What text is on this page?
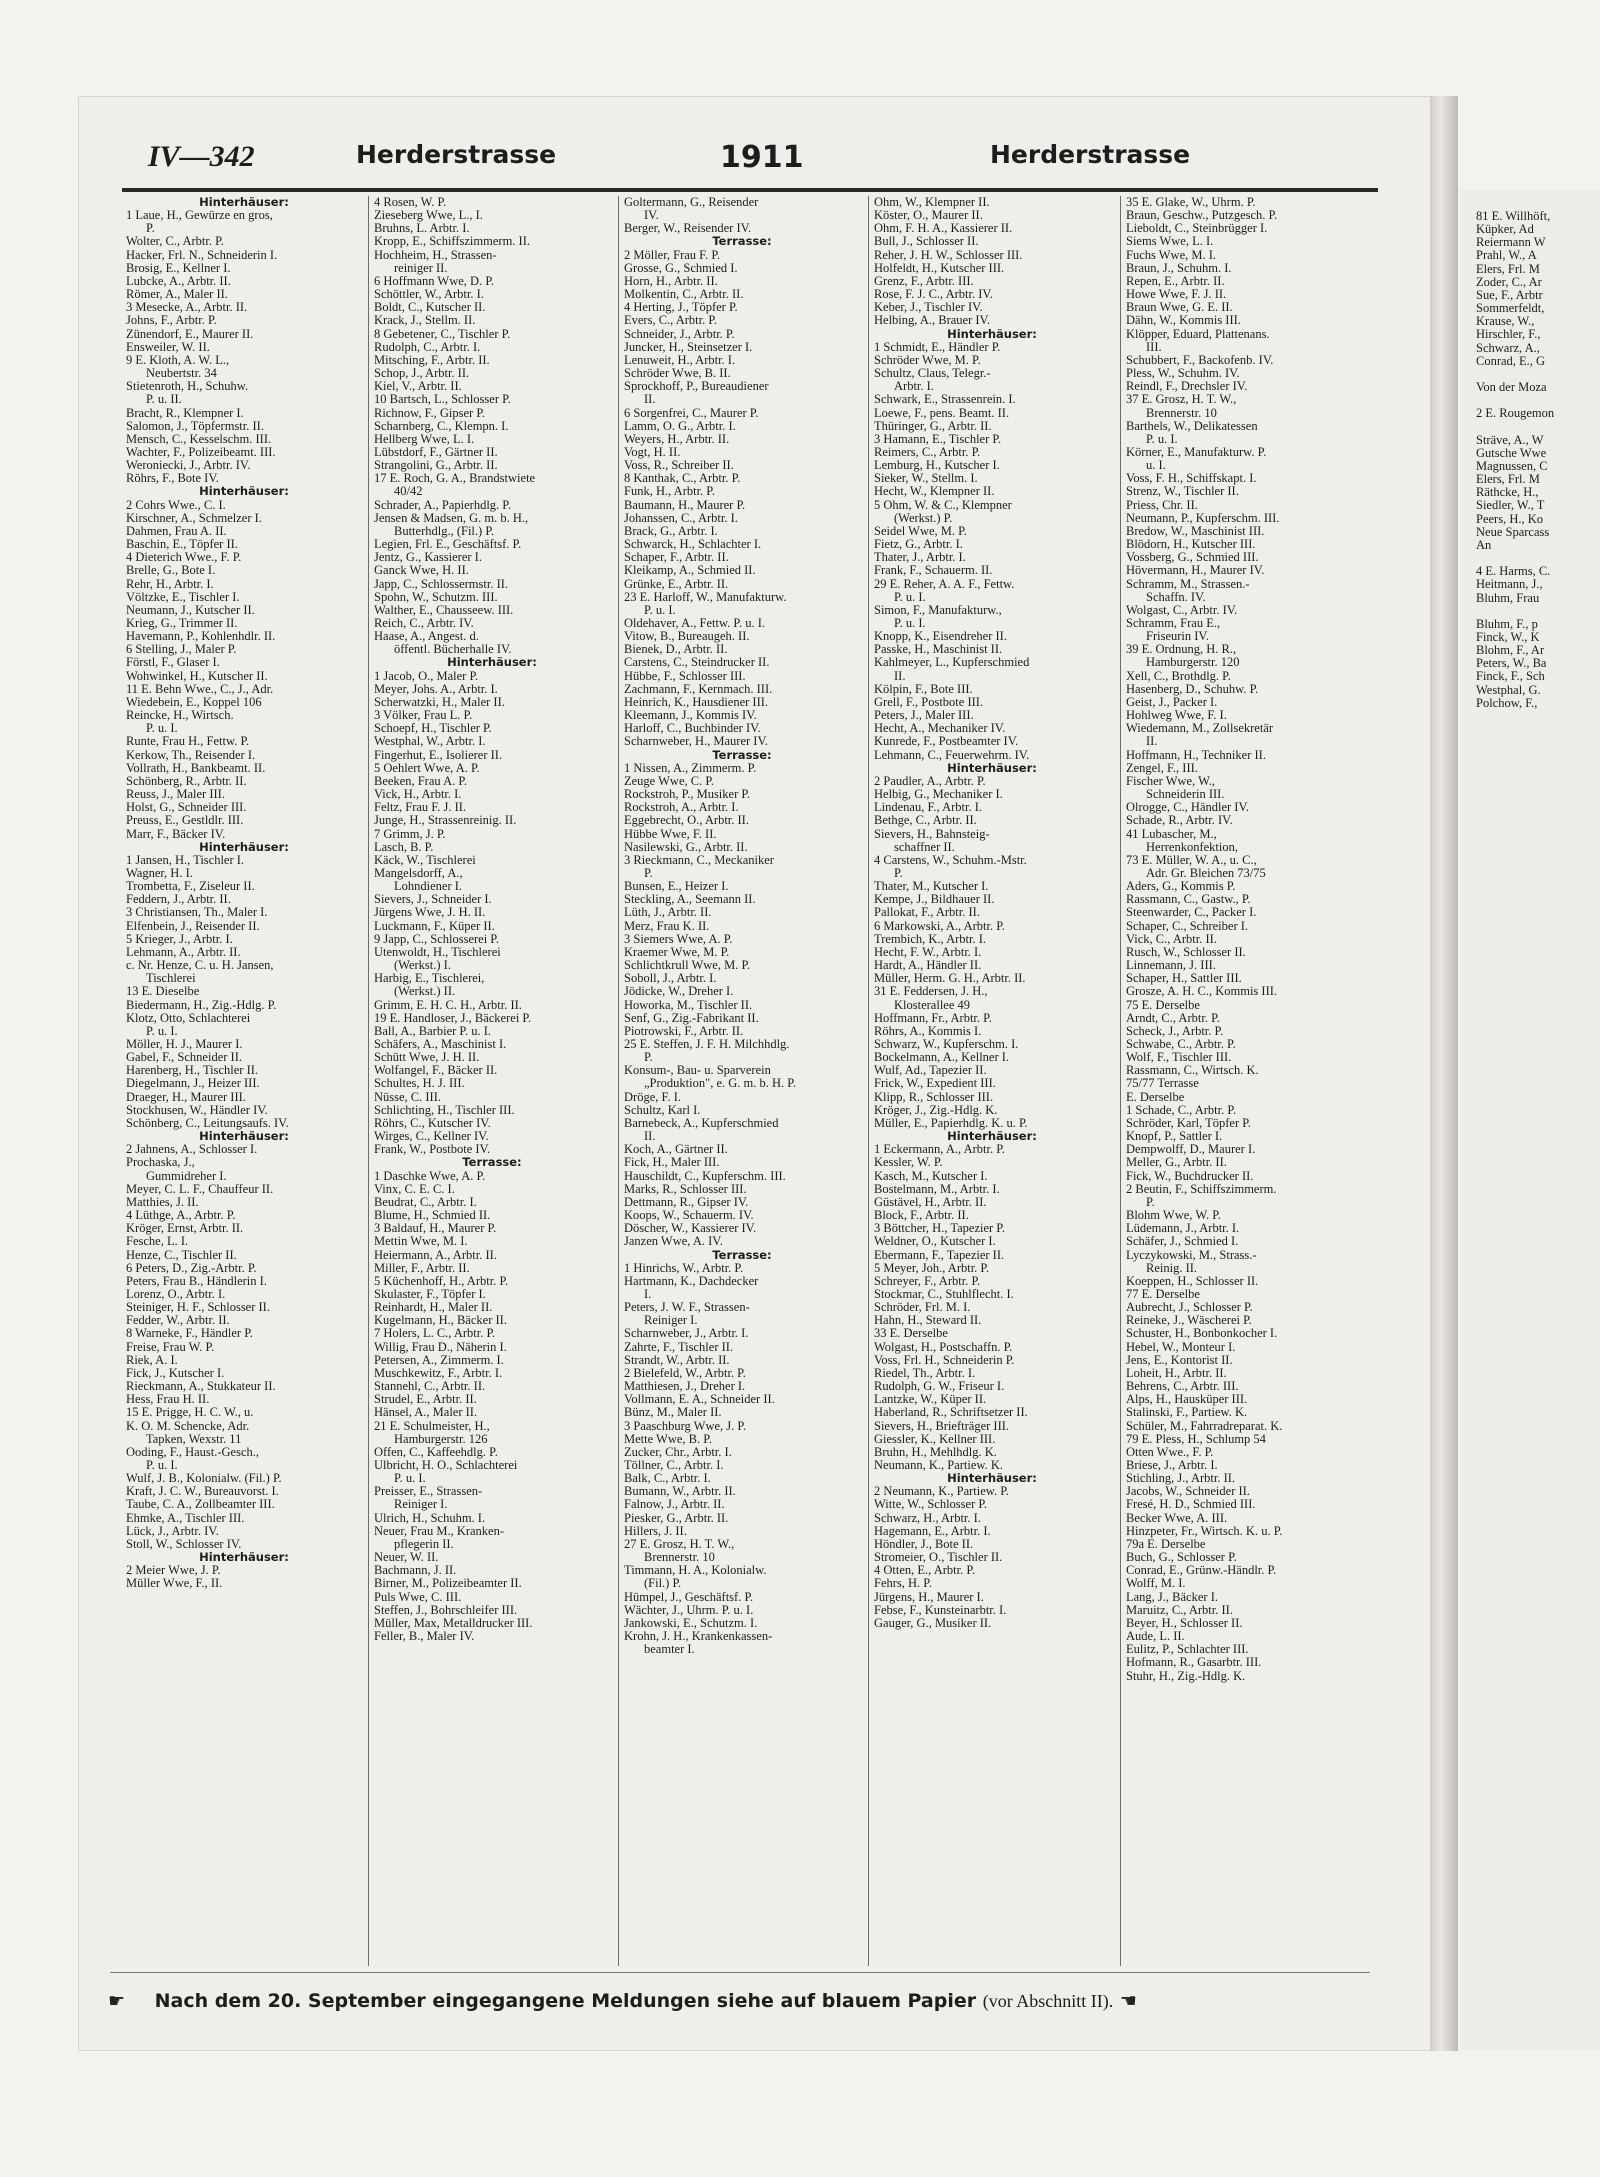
IV—342	Herderstrasse	1911	Herderstrasse
Hinterhäuser:
1 Laue, H., Gewürze en gros,
P.
Wolter, C., Arbtr. P.
Hacker, Frl. N., Schneiderin I.
Brosig, E., Kellner I.
Lubcke, A., Arbtr. II.
Römer, A., Maler II.
3 Mesecke, A., Arbtr. II.
Johns, F., Arbtr. P.
Zünendorf, E., Maurer II.
Ensweiler, W. II.
9 E. Kloth, A. W. L.,
Neubertstr. 34
Stietenroth, H., Schuhw.
P. u. II.
Bracht, R., Klempner I.
Salomon, J., Töpfermstr. II.
Mensch, C., Kesselschm. III.
Wachter, F., Polizeibeamt. III.
Weroniecki, J., Arbtr. IV.
Röhrs, F., Bote IV.
Hinterhäuser:
2 Cohrs Wwe., C. I.
Kirschner, A., Schmelzer I.
Dahmen, Frau A. II.
Baschin, E., Töpfer II.
4 Dieterich Wwe., F. P.
Brelle, G., Bote I.
Rehr, H., Arbtr. I.
Völtzke, E., Tischler I.
Neumann, J., Kutscher II.
Krieg, G., Trimmer II.
Havemann, P., Kohlenhdlr. II.
6 Stelling, J., Maler P.
Förstl, F., Glaser I.
Wohwinkel, H., Kutscher II.
11 E. Behn Wwe., C., J., Adr.
Wiedebein, E., Koppel 106
Reincke, H., Wirtsch.
P. u. I.
Runte, Frau H., Fettw. P.
Kerkow, Th., Reisender I.
Vollrath, H., Bankbeamt. II.
Schönberg, R., Arbtr. II.
Reuss, J., Maler III.
Holst, G., Schneider III.
Preuss, E., Gestldlr. III.
Marr, F., Bäcker IV.
Hinterhäuser:
1 Jansen, H., Tischler I.
Wagner, H. I.
Trombetta, F., Ziseleur II.
Feddern, J., Arbtr. II.
3 Christiansen, Th., Maler I.
Elfenbein, J., Reisender II.
5 Krieger, J., Arbtr. I.
Lehmann, A., Arbtr. II.
c. Nr. Henze, C. u. H. Jansen,
Tischlerei
13 E. Dieselbe
Biedermann, H., Zig.-Hdlg. P.
Klotz, Otto, Schlachterei
P. u. I.
Möller, H. J., Maurer I.
Gabel, F., Schneider II.
Harenberg, H., Tischler II.
Diegelmann, J., Heizer III.
Draeger, H., Maurer III.
Stockhusen, W., Händler IV.
Schönberg, C., Leitungsaufs. IV.
Hinterhäuser:
2 Jahnens, A., Schlosser I.
Prochaska, J.,
Gummidreher I.
Meyer, C. L. F., Chauffeur II.
Matthies, J. II.
4 Lüthge, A., Arbtr. P.
Kröger, Ernst, Arbtr. II.
Fesche, L. I.
Henze, C., Tischler II.
6 Peters, D., Zig.-Arbtr. P.
Peters, Frau B., Händlerin I.
Lorenz, O., Arbtr. I.
Steiniger, H. F., Schlosser II.
Fedder, W., Arbtr. II.
8 Warneke, F., Händler P.
Freise, Frau W. P.
Riek, A. I.
Fick, J., Kutscher I.
Rieckmann, A., Stukkateur II.
Hess, Frau H. II.
15 E. Prigge, H. C. W., u.
K. O. M. Schencke, Adr.
Tapken, Wexstr. 11
Ooding, F., Haust.-Gesch.,
P. u. I.
Wulf, J. B., Kolonialw. (Fil.) P.
Kraft, J. C. W., Bureauvorst. I.
Taube, C. A., Zollbeamter III.
Ehmke, A., Tischler III.
Lück, J., Arbtr. IV.
Stoll, W., Schlosser IV.
Hinterhäuser:
2 Meier Wwe, J. P.
Müller Wwe, F., II.
4 Rosen, W. P.
Zieseberg Wwe, L., I.
Bruhns, L. Arbtr. I.
Kropp, E., Schiffszimmerm. II.
Hochheim, H., Strassen-
reiniger II.
6 Hoffmann Wwe, D. P.
Schöttler, W., Arbtr. I.
Boldt, C., Kutscher II.
Krack, J., Stellm. II.
8 Gebetener, C., Tischler P.
Rudolph, C., Arbtr. I.
Mitsching, F., Arbtr. II.
Schop, J., Arbtr. II.
Kiel, V., Arbtr. II.
10 Bartsch, L., Schlosser P.
Richnow, F., Gipser P.
Scharnberg, C., Klempn. I.
Hellberg Wwe, L. I.
Lübstdorf, F., Gärtner II.
Strangolini, G., Arbtr. II.
17 E. Roch, G. A., Brandstwiete
40/42
Schrader, A., Papierhdlg. P.
Jensen & Madsen, G. m. b. H.,
Butterhdlg., (Fil.) P.
Legien, Frl. E., Geschäftsf. P.
Jentz, G., Kassierer I.
Ganck Wwe, H. II.
Japp, C., Schlossermstr. II.
Spohn, W., Schutzm. III.
Walther, E., Chausseew. III.
Reich, C., Arbtr. IV.
Haase, A., Angest. d.
öffentl. Bücherhalle IV.
Hinterhäuser:
1 Jacob, O., Maler P.
Meyer, Johs. A., Arbtr. I.
Scherwatzki, H., Maler II.
3 Völker, Frau L. P.
Schoepf, H., Tischler P.
Westphal, W., Arbtr. I.
Fingerhut, E., Isolierer II.
5 Oehlert Wwe, A. P.
Beeken, Frau A. P.
Vick, H., Arbtr. I.
Feltz, Frau F. J. II.
Junge, H., Strassenreinig. II.
7 Grimm, J. P.
Lasch, B. P.
Käck, W., Tischlerei
Mangelsdorff, A.,
Lohndiener I.
Sievers, J., Schneider I.
Jürgens Wwe, J. H. II.
Luckmann, F., Küper II.
9 Japp, C., Schlosserei P.
Utenwoldt, H., Tischlerei
(Werkst.) I.
Harbig, E., Tischlerei,
(Werkst.) II.
Grimm, E. H. C. H., Arbtr. II.
19 E. Handloser, J., Bäckerei P.
Ball, A., Barbier P. u. I.
Schäfers, A., Maschinist I.
Schütt Wwe, J. H. II.
Wolfangel, F., Bäcker II.
Schultes, H. J. III.
Nüsse, C. III.
Schlichting, H., Tischler III.
Röhrs, C., Kutscher IV.
Wirges, C., Kellner IV.
Frank, W., Postbote IV.
Terrasse:
1 Daschke Wwe, A. P.
Vinx, C. E. C. I.
Beudrat, C., Arbtr. I.
Blume, H., Schmied II.
3 Baldauf, H., Maurer P.
Mettin Wwe, M. I.
Heiermann, A., Arbtr. II.
Miller, F., Arbtr. II.
5 Küchenhoff, H., Arbtr. P.
Skulaster, F., Töpfer I.
Reinhardt, H., Maler II.
Kugelmann, H., Bäcker II.
7 Holers, L. C., Arbtr. P.
Willig, Frau D., Näherin I.
Petersen, A., Zimmerm. I.
Muschkewitz, F., Arbtr. I.
Stannehl, C., Arbtr. II.
Strudel, E., Arbtr. II.
Hänsel, A., Maler II.
21 E. Schulmeister, H.,
Hamburgerstr. 126
Offen, C., Kaffeehdlg. P.
Ulbricht, H. O., Schlachterei
P. u. I.
Preisser, E., Strassen-
Reiniger I.
Ulrich, H., Schuhm. I.
Neuer, Frau M., Kranken-
pflegerin II.
Neuer, W. II.
Bachmann, J. II.
Birner, M., Polizeibeamter II.
Puls Wwe, C. III.
Steffen, J., Bohrschleifer III.
Müller, Max, Metalldrucker III.
Feller, B., Maler IV.
Goltermann, G., Reisender
IV.
Berger, W., Reisender IV.
Terrasse:
2 Möller, Frau F. P.
Grosse, G., Schmied I.
Horn, H., Arbtr. II.
Molkentin, C., Arbtr. II.
4 Herting, J., Töpfer P.
Evers, C., Arbtr. P.
Schneider, J., Arbtr. P.
Juncker, H., Steinsetzer I.
Lenuweit, H., Arbtr. I.
Schröder Wwe, B. II.
Sprockhoff, P., Bureaudiener
II.
6 Sorgenfrei, C., Maurer P.
Lamm, O. G., Arbtr. I.
Weyers, H., Arbtr. II.
Vogt, H. II.
Voss, R., Schreiber II.
8 Kanthak, C., Arbtr. P.
Funk, H., Arbtr. P.
Baumann, H., Maurer P.
Johanssen, C., Arbtr. I.
Brack, G., Arbtr. I.
Schwarck, H., Schlachter I.
Schaper, F., Arbtr. II.
Kleikamp, A., Schmied II.
Grünke, E., Arbtr. II.
23 E. Harloff, W., Manufakturw.
P. u. I.
Oldehaver, A., Fettw. P. u. I.
Vitow, B., Bureaugeh. II.
Bienek, D., Arbtr. II.
Carstens, C., Steindrucker II.
Hübbe, F., Schlosser III.
Zachmann, F., Kernmach. III.
Heinrich, K., Hausdiener III.
Kleemann, J., Kommis IV.
Harloff, C., Buchbinder IV.
Scharnweber, H., Maurer IV.
Terrasse:
1 Nissen, A., Zimmerm. P.
Zeuge Wwe, C. P.
Rockstroh, P., Musiker P.
Rockstroh, A., Arbtr. I.
Eggebrecht, O., Arbtr. II.
Hübbe Wwe, F. II.
Nasilewski, G., Arbtr. II.
3 Rieckmann, C., Meckaniker
P.
Bunsen, E., Heizer I.
Steckling, A., Seemann II.
Lüth, J., Arbtr. II.
Merz, Frau K. II.
3 Siemers Wwe, A. P.
Kraemer Wwe, M. P.
Schlichtkrull Wwe, M. P.
Soboll, J., Arbtr. I.
Jödicke, W., Dreher I.
Howorka, M., Tischler II.
Senf, G., Zig.-Fabrikant II.
Piotrowski, F., Arbtr. II.
25 E. Steffen, J. F. H. Milchhdlg.
P.
Konsum-, Bau- u. Sparverein
„Produktion", e. G. m. b. H. P.
Dröge, F. I.
Schultz, Karl I.
Barnebeck, A., Kupferschmied
II.
Koch, A., Gärtner II.
Fick, H., Maler III.
Hauschildt, C., Kupferschm. III.
Marks, R., Schlosser III.
Dettmann, R., Gipser IV.
Koops, W., Schauerm. IV.
Döscher, W., Kassierer IV.
Janzen Wwe, A. IV.
Terrasse:
1 Hinrichs, W., Arbtr. P.
Hartmann, K., Dachdecker
I.
Peters, J. W. F., Strassen-
Reiniger I.
Scharnweber, J., Arbtr. I.
Zahrte, F., Tischler II.
Strandt, W., Arbtr. II.
2 Bielefeld, W., Arbtr. P.
Matthiesen, J., Dreher I.
Vollmann, E. A., Schneider II.
Bünz, M., Maler II.
3 Paaschburg Wwe, J. P.
Mette Wwe, B. P.
Zucker, Chr., Arbtr. I.
Töllner, C., Arbtr. I.
Balk, C., Arbtr. I.
Bumann, W., Arbtr. II.
Falnow, J., Arbtr. II.
Piesker, G., Arbtr. II.
Hillers, J. II.
27 E. Grosz, H. T. W.,
Brennerstr. 10
Timmann, H. A., Kolonialw.
(Fil.) P.
Hümpel, J., Geschäftsf. P.
Wächter, J., Uhrm. P. u. I.
Jankowski, E., Schutzm. I.
Krohn, J. H., Krankenkassen-
beamter I.
Ohm, W., Klempner II.
Köster, O., Maurer II.
Ohm, F. H. A., Kassierer II.
Bull, J., Schlosser II.
Reher, J. H. W., Schlosser III.
Holfeldt, H., Kutscher III.
Grenz, F., Arbtr. III.
Rose, F. J. C., Arbtr. IV.
Keber, J., Tischler IV.
Helbing, A., Brauer IV.
Hinterhäuser:
1 Schmidt, E., Händler P.
Schröder Wwe, M. P.
Schultz, Claus, Telegr.-
Arbtr. I.
Schwark, E., Strassenrein. I.
Loewe, F., pens. Beamt. II.
Thüringer, G., Arbtr. II.
3 Hamann, E., Tischler P.
Reimers, C., Arbtr. P.
Lemburg, H., Kutscher I.
Sieker, W., Stellm. I.
Hecht, W., Klempner II.
5 Ohm, W. & C., Klempner
(Werkst.) P.
Seidel Wwe, M. P.
Fietz, G., Arbtr. I.
Thater, J., Arbtr. I.
Frank, F., Schauerm. II.
29 E. Reher, A. A. F., Fettw.
P. u. I.
Simon, F., Manufakturw.,
P. u. I.
Knopp, K., Eisendreher II.
Passke, H., Maschinist II.
Kahlmeyer, L., Kupferschmied
II.
Kölpin, F., Bote III.
Grell, F., Postbote III.
Peters, J., Maler III.
Hecht, A., Mechaniker IV.
Kunrede, F., Postbeamter IV.
Lehmann, C., Feuerwehrm. IV.
Hinterhäuser:
2 Paudler, A., Arbtr. P.
Helbig, G., Mechaniker I.
Lindenau, F., Arbtr. I.
Bethge, C., Arbtr. II.
Sievers, H., Bahnsteig-
schaffner II.
4 Carstens, W., Schuhm.-Mstr.
P.
Thater, M., Kutscher I.
Kempe, J., Bildhauer II.
Pallokat, F., Arbtr. II.
6 Markowski, A., Arbtr. P.
Trembich, K., Arbtr. I.
Hecht, F. W., Arbtr. I.
Hardt, A., Händler II.
Müller, Herm. G. H., Arbtr. II.
31 E. Feddersen, J. H.,
Klosterallee 49
Hoffmann, Fr., Arbtr. P.
Röhrs, A., Kommis I.
Schwarz, W., Kupferschm. I.
Bockelmann, A., Kellner I.
Wulf, Ad., Tapezier II.
Frick, W., Expedient III.
Klipp, R., Schlosser III.
Kröger, J., Zig.-Hdlg. K.
Müller, E., Papierhdlg. K. u. P.
Hinterhäuser:
1 Eckermann, A., Arbtr. P.
Kessler, W. P.
Kasch, M., Kutscher I.
Bostelmann, M., Arbtr. I.
Güstävel, H., Arbtr. II.
Block, F., Arbtr. II.
3 Böttcher, H., Tapezier P.
Weldner, O., Kutscher I.
Ebermann, F., Tapezier II.
5 Meyer, Joh., Arbtr. P.
Schreyer, F., Arbtr. P.
Stockmar, C., Stuhlflecht. I.
Schröder, Frl. M. I.
Hahn, H., Steward II.
33 E. Derselbe
Wolgast, H., Postschaffn. P.
Voss, Frl. H., Schneiderin P.
Riedel, Th., Arbtr. I.
Rudolph, G. W., Friseur I.
Lantzke, W., Küper II.
Haberland, R., Schriftsetzer II.
Sievers, H., Briefträger III.
Giessler, K., Kellner III.
Bruhn, H., Mehlhdlg. K.
Neumann, K., Partiew. K.
Hinterhäuser:
2 Neumann, K., Partiew. P.
Witte, W., Schlosser P.
Schwarz, H., Arbtr. I.
Hagemann, E., Arbtr. I.
Höndler, J., Bote II.
Stromeier, O., Tischler II.
4 Otten, E., Arbtr. P.
Fehrs, H. P.
Jürgens, H., Maurer I.
Febse, F., Kunsteinarbtr. I.
Gauger, G., Musiker II.
35 E. Glake, W., Uhrm. P.
Braun, Geschw., Putzgesch. P.
Lieboldt, C., Steinbrügger I.
Siems Wwe, L. I.
Fuchs Wwe, M. I.
Braun, J., Schuhm. I.
Repen, E., Arbtr. II.
Howe Wwe, F. J. II.
Braun Wwe, G. E. II.
Dähn, W., Kommis III.
Klöpper, Eduard, Plattenans.
III.
Schubbert, F., Backofenb. IV.
Pless, W., Schuhm. IV.
Reindl, F., Drechsler IV.
37 E. Grosz, H. T. W.,
Brennerstr. 10
Barthels, W., Delikatessen
P. u. I.
Körner, E., Manufakturw. P.
u. I.
Voss, F. H., Schiffskapt. I.
Strenz, W., Tischler II.
Priess, Chr. II.
Neumann, P., Kupferschm. III.
Bredow, W., Maschinist III.
Blödorn, H., Kutscher III.
Vossberg, G., Schmied III.
Hövermann, H., Maurer IV.
Schramm, M., Strassen.-
Schaffn. IV.
Wolgast, C., Arbtr. IV.
Schramm, Frau E.,
Friseurin IV.
39 E. Ordnung, H. R.,
Hamburgerstr. 120
Xell, C., Brothdlg. P.
Hasenberg, D., Schuhw. P.
Geist, J., Packer I.
Hohlweg Wwe, F. I.
Wiedemann, M., Zollsekretär
II.
Hoffmann, H., Techniker II.
Zengel, F., III.
Fischer Wwe, W.,
Schneiderin III.
Olrogge, C., Händler IV.
Schade, R., Arbtr. IV.
41 Lubascher, M.,
Herrenkonfektion,
73 E. Müller, W. A., u. C.,
Adr. Gr. Bleichen 73/75
Aders, G., Kommis P.
Rassmann, C., Gastw., P.
Steenwarder, C., Packer I.
Schaper, C., Schreiber I.
Vick, C., Arbtr. II.
Rusch, W., Schlosser II.
Linnemann, J. III.
Schaper, H., Sattler III.
Grosze, A. H. C., Kommis III.
75 E. Derselbe
Arndt, C., Arbtr. P.
Scheck, J., Arbtr. P.
Schwabe, C., Arbtr. P.
Wolf, F., Tischler III.
Rassmann, C., Wirtsch. K.
75/77 Terrasse
E. Derselbe
1 Schade, C., Arbtr. P.
Schröder, Karl, Töpfer P.
Knopf, P., Sattler I.
Dempwolff, D., Maurer I.
Meller, G., Arbtr. II.
Fick, W., Buchdrucker II.
2 Beutin, F., Schiffszimmerm.
P.
Blohm Wwe, W. P.
Lüdemann, J., Arbtr. I.
Schäfer, J., Schmied I.
Lyczykowski, M., Strass.-
Reinig. II.
Koeppen, H., Schlosser II.
77 E. Derselbe
Aubrecht, J., Schlosser P.
Reineke, J., Wäscherei P.
Schuster, H., Bonbonkocher I.
Hebel, W., Monteur I.
Jens, E., Kontorist II.
Loheit, H., Arbtr. II.
Behrens, C., Arbtr. III.
Alps, H., Hausküper III.
Stalinski, F., Partiew. K.
Schüler, M., Fahrradreparat. K.
79 E. Pless, H., Schlump 54
Otten Wwe., F. P.
Briese, J., Arbtr. I.
Stichling, J., Arbtr. II.
Jacobs, W., Schneider II.
Fresé, H. D., Schmied III.
Becker Wwe, A. III.
Hinzpeter, Fr., Wirtsch. K. u. P.
79a E. Derselbe
Buch, G., Schlosser P.
Conrad, E., Grünw.-Händlr. P.
Wolff, M. I.
Lang, J., Bäcker I.
Maruitz, C., Arbtr. II.
Beyer, H., Schlosser II.
Aude, L. II.
Eulitz, P., Schlachter III.
Hofmann, R., Gasarbtr. III.
Stuhr, H., Zig.-Hdlg. K.
☛ Nach dem 20. September eingegangene Meldungen siehe auf blauem Papier (vor Abschnitt II). ☚
81 E. Willhöft,
Küpker, Ad
Reiermann W
Prahl, W., A
Elers, Frl. M
Zoder, C., Ar
Sue, F., Arbtr
Sommerfeldt,
Krause, W.,
Hirschler, F.,
Schwarz, A.,
Conrad, E., G

Von der Moza

2 E. Rougemon

Sträve, A., W
Gutsche Wwe
Magnussen, C
Elers, Frl. M
Räthcke, H.,
Siedler, W., T
Peers, H., Ko
Neue Sparcass
An

4 E. Harms, C.
Heitmann, J.,
Bluhm, Frau

Bluhm, F., p
Finck, W., K
Blohm, F., Ar
Peters, W., Ba
Finck, F., Sch
Westphal, G.
Polchow, F.,
